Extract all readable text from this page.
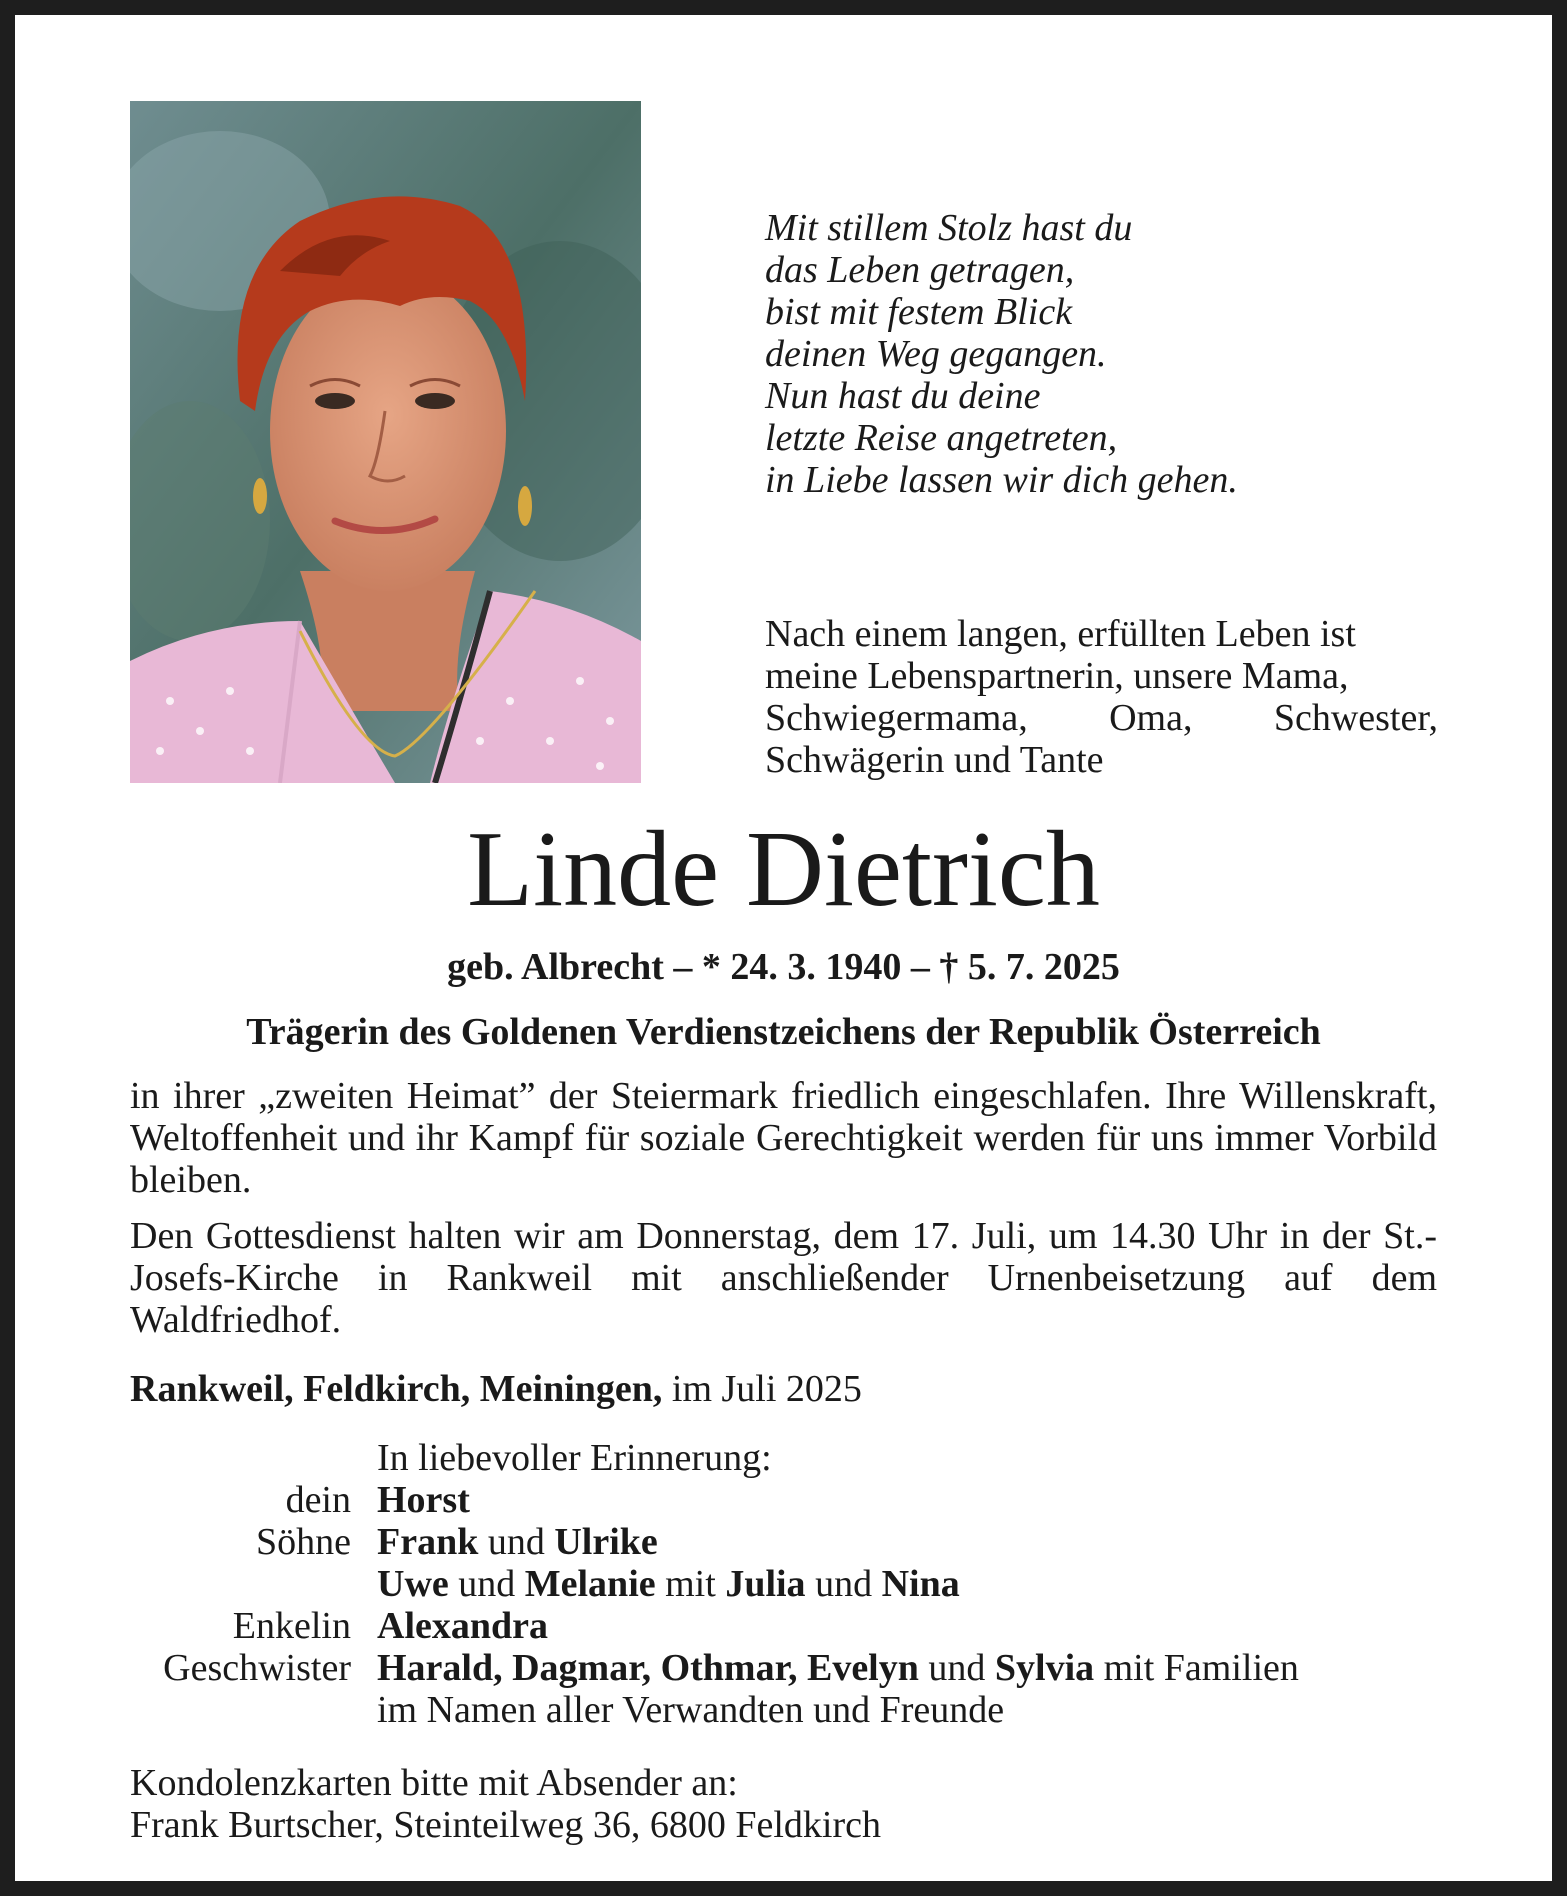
Mit stillem Stolz hast du
das Leben getragen,
bist mit festem Blick
deinen Weg gegangen.
Nun hast du deine
letzte Reise angetreten,
in Liebe lassen wir dich gehen.
Nach einem langen, erfüllten Leben ist
meine Lebenspartnerin, unsere Mama,
Schwiegermama, Oma, Schwester,
Schwägerin und Tante
Linde Dietrich
geb. Albrecht – * 24. 3. 1940 – † 5. 7. 2025
Trägerin des Goldenen Verdienstzeichens der Republik Österreich
in ihrer „zweiten Heimat” der Steiermark friedlich eingeschlafen. Ihre Willenskraft, Weltoffenheit und ihr Kampf für soziale Gerechtigkeit werden für uns immer Vorbild bleiben.
Den Gottesdienst halten wir am Donnerstag, dem 17. Juli, um 14.30 Uhr in der St.-Josefs-Kirche in Rankweil mit anschließender Urnenbeisetzung auf dem Waldfriedhof.
Rankweil, Feldkirch, Meiningen, im Juli 2025
In liebevoller Erinnerung:
dein Horst
Söhne Frank und Ulrike
Uwe und Melanie mit Julia und Nina
Enkelin Alexandra
Geschwister Harald, Dagmar, Othmar, Evelyn und Sylvia mit Familien
im Namen aller Verwandten und Freunde
Kondolenzkarten bitte mit Absender an:
Frank Burtscher, Steinteilweg 36, 6800 Feldkirch
